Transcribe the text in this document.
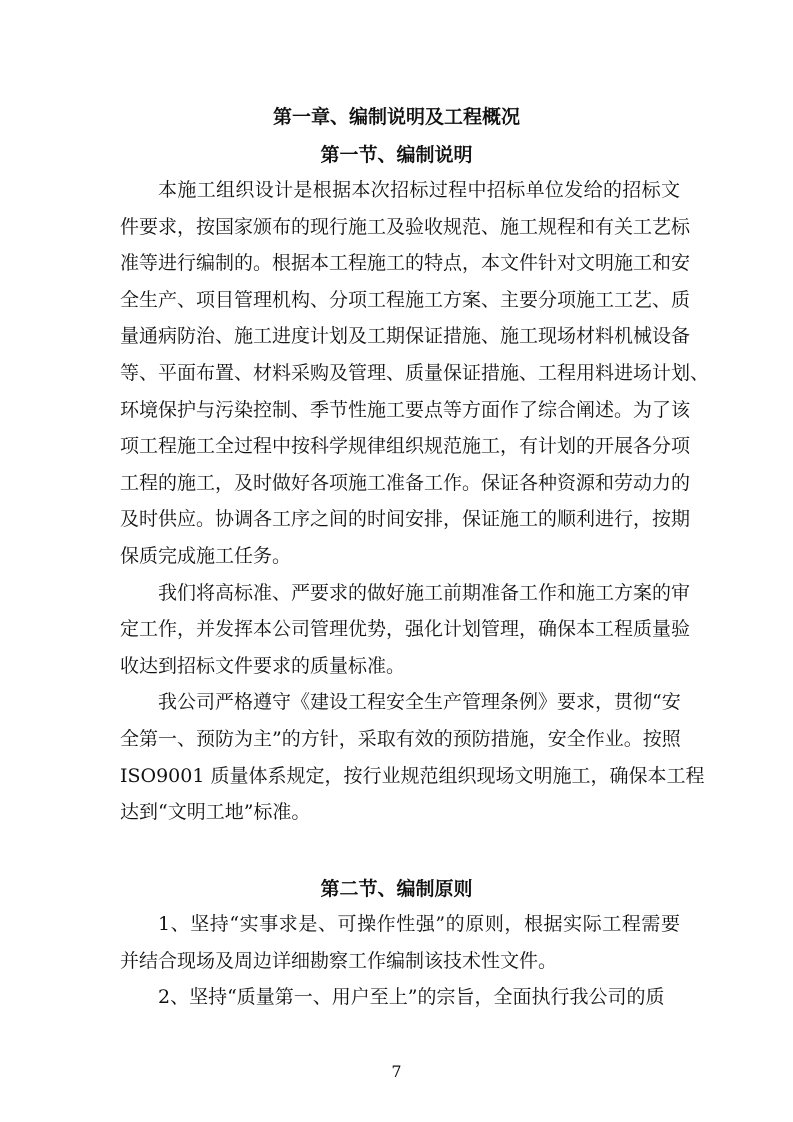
第一章、编制说明及工程概况
第一节、编制说明
本施工组织设计是根据本次招标过程中招标单位发给的招标文
件要求，按国家颁布的现行施工及验收规范、施工规程和有关工艺标
准等进行编制的。根据本工程施工的特点，本文件针对文明施工和安
全生产、项目管理机构、分项工程施工方案、主要分项施工工艺、质
量通病防治、施工进度计划及工期保证措施、施工现场材料机械设备
等、平面布置、材料采购及管理、质量保证措施、工程用料进场计划、
环境保护与污染控制、季节性施工要点等方面作了综合阐述。为了该
项工程施工全过程中按科学规律组织规范施工，有计划的开展各分项
工程的施工，及时做好各项施工准备工作。保证各种资源和劳动力的
及时供应。协调各工序之间的时间安排，保证施工的顺利进行，按期
保质完成施工任务。
我们将高标准、严要求的做好施工前期准备工作和施工方案的审
定工作，并发挥本公司管理优势，强化计划管理，确保本工程质量验
收达到招标文件要求的质量标准。
我公司严格遵守《建设工程安全生产管理条例》要求，贯彻“安
全第一、预防为主”的方针，采取有效的预防措施，安全作业。按照
ISO9001 质量体系规定，按行业规范组织现场文明施工，确保本工程
达到“文明工地”标准。
第二节、编制原则
1、坚持“实事求是、可操作性强”的原则，根据实际工程需要
并结合现场及周边详细勘察工作编制该技术性文件。
2、坚持“质量第一、用户至上”的宗旨，全面执行我公司的质
7
